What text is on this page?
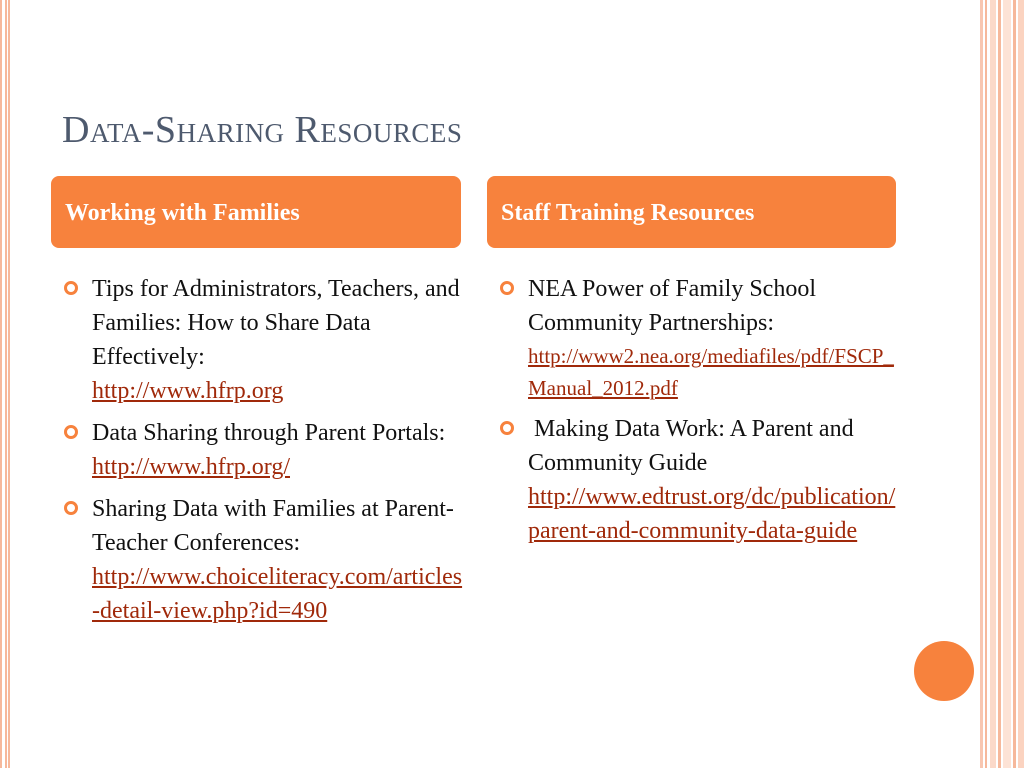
Data-Sharing Resources
Working with Families	Staff Training Resources
Tips for Administrators, Teachers, and Families: How to Share Data Effectively:
http://www.hfrp.org
Data Sharing through Parent Portals:
http://www.hfrp.org/
Sharing Data with Families at Parent-Teacher Conferences:
http://www.choiceliteracy.com/articles-detail-view.php?id=490
NEA Power of Family School Community Partnerships:
http://www2.nea.org/mediafiles/pdf/FSCP_Manual_2012.pdf
Making Data Work: A Parent and Community Guide
http://www.edtrust.org/dc/publication/parent-and-community-data-guide
